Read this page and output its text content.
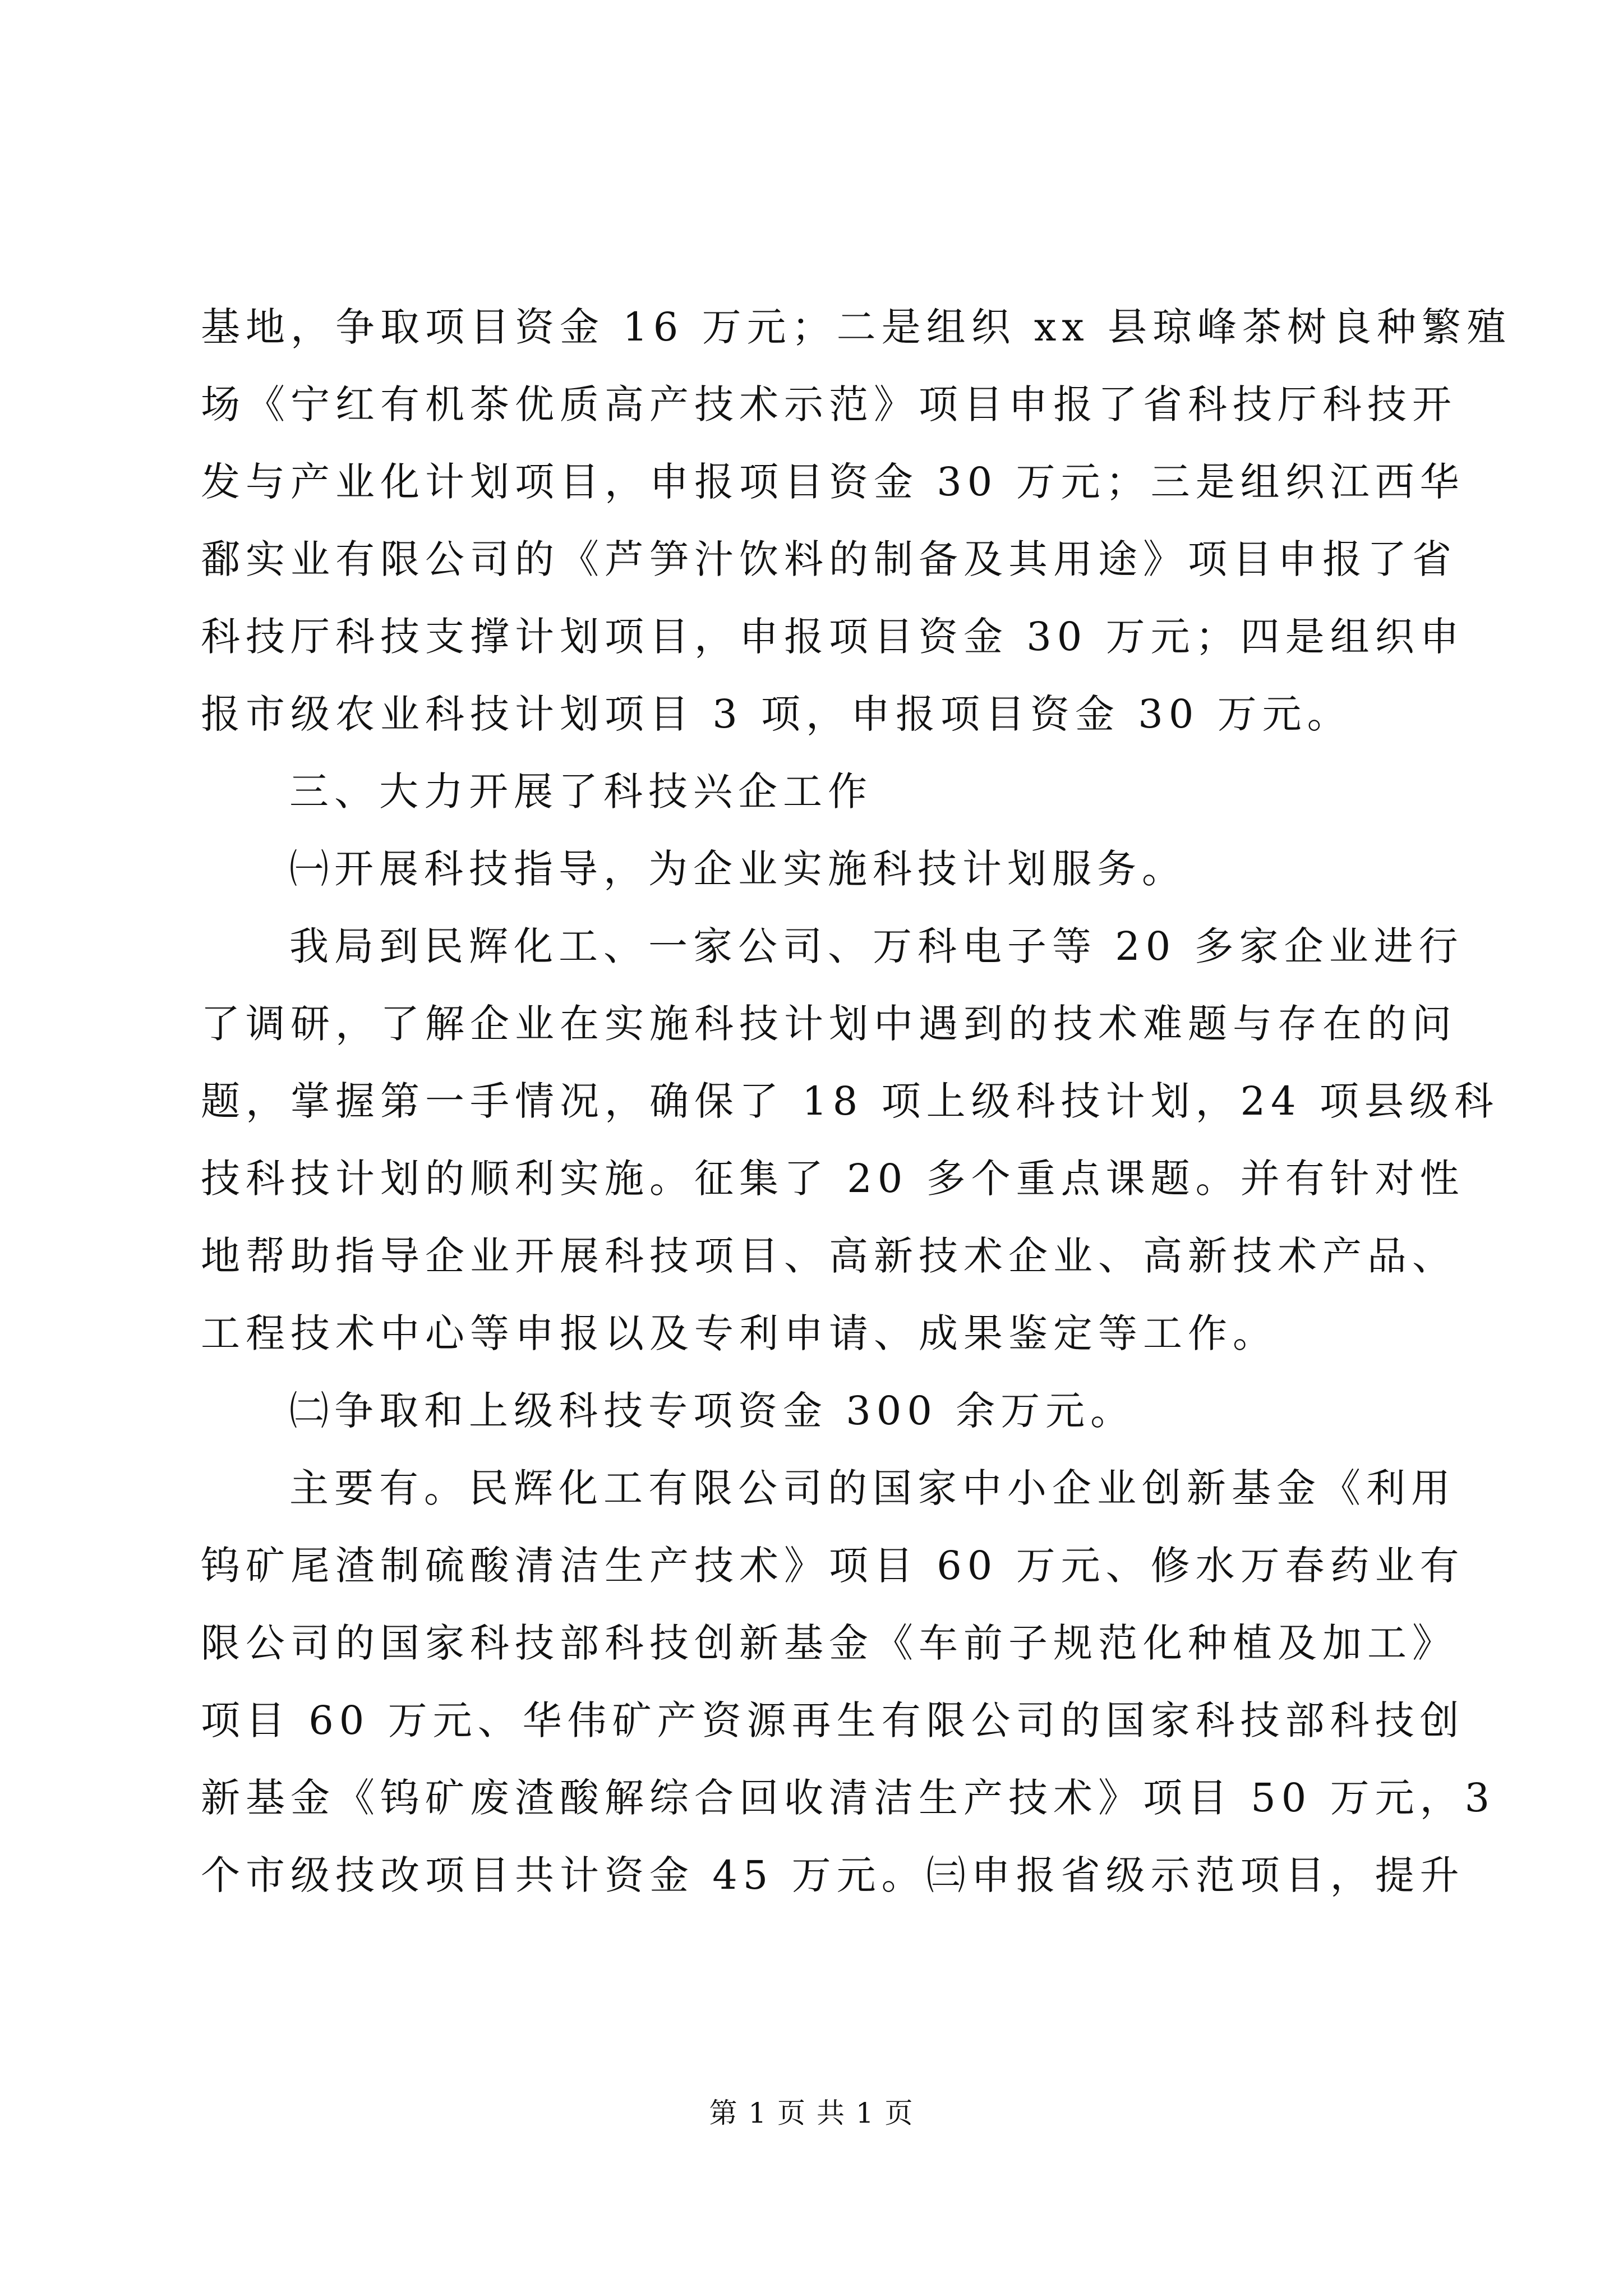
基地，争取项目资金 16 万元；二是组织 xx 县琼峰茶树良种繁殖
场《宁红有机茶优质高产技术示范》项目申报了省科技厅科技开
发与产业化计划项目，申报项目资金 30 万元；三是组织江西华
鄱实业有限公司的《芦笋汁饮料的制备及其用途》项目申报了省
科技厅科技支撑计划项目，申报项目资金 30 万元；四是组织申
报市级农业科技计划项目 3 项，申报项目资金 30 万元。
三、大力开展了科技兴企工作
㈠开展科技指导，为企业实施科技计划服务。
我局到民辉化工、一家公司、万科电子等 20 多家企业进行
了调研，了解企业在实施科技计划中遇到的技术难题与存在的问
题，掌握第一手情况，确保了 18 项上级科技计划，24 项县级科
技科技计划的顺利实施。征集了 20 多个重点课题。并有针对性
地帮助指导企业开展科技项目、高新技术企业、高新技术产品、
工程技术中心等申报以及专利申请、成果鉴定等工作。
㈡争取和上级科技专项资金 300 余万元。
主要有。民辉化工有限公司的国家中小企业创新基金《利用
钨矿尾渣制硫酸清洁生产技术》项目 60 万元、修水万春药业有
限公司的国家科技部科技创新基金《车前子规范化种植及加工》
项目 60 万元、华伟矿产资源再生有限公司的国家科技部科技创
新基金《钨矿废渣酸解综合回收清洁生产技术》项目 50 万元，3
个市级技改项目共计资金 45 万元。㈢申报省级示范项目，提升
第 1 页 共 1 页
